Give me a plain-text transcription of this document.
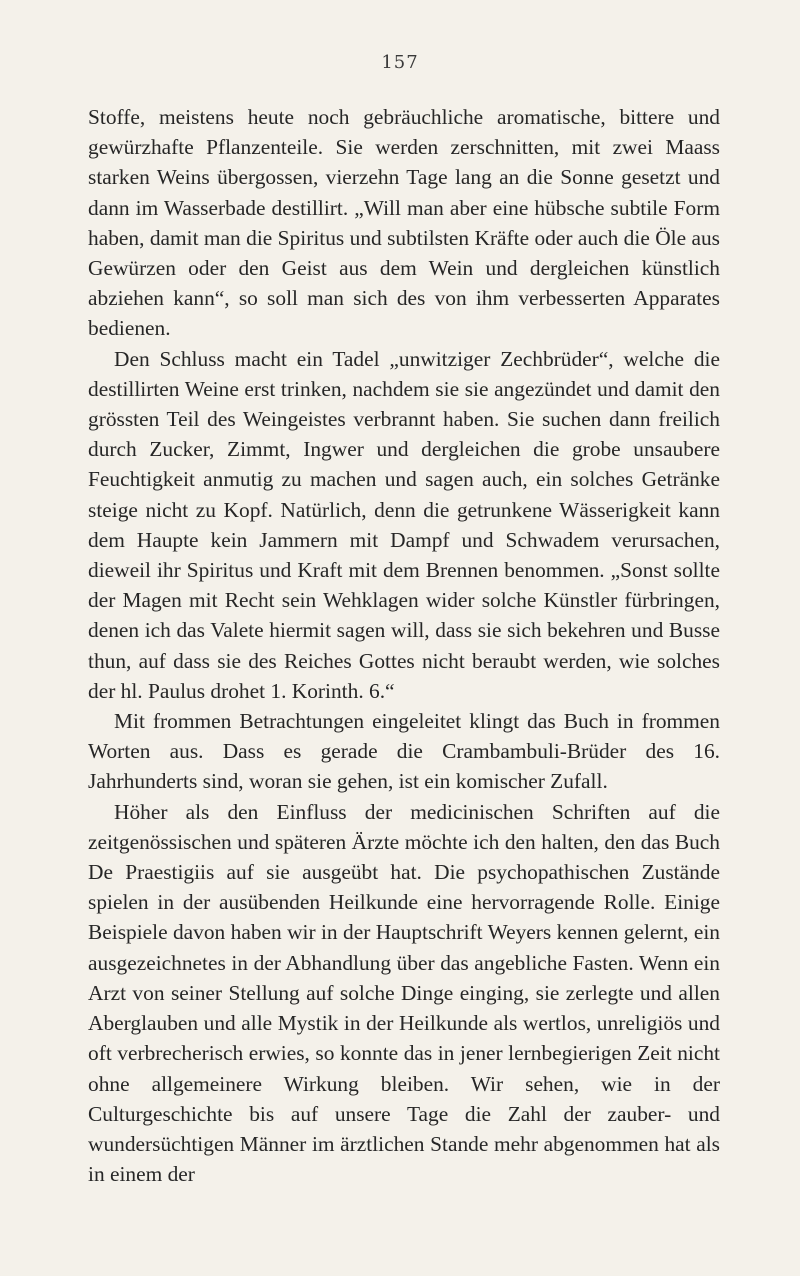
157

Stoffe, meistens heute noch gebräuchliche aromatische, bittere und gewürzhafte Pflanzenteile. Sie werden zerschnitten, mit zwei Maass starken Weins übergossen, vierzehn Tage lang an die Sonne gesetzt und dann im Wasserbade destillirt. „Will man aber eine hübsche subtile Form haben, damit man die Spiritus und subtilsten Kräfte oder auch die Öle aus Gewürzen oder den Geist aus dem Wein und dergleichen künstlich abziehen kann“, so soll man sich des von ihm verbesserten Apparates bedienen.

Den Schluss macht ein Tadel „unwitziger Zechbrüder“, welche die destillirten Weine erst trinken, nachdem sie sie angezündet und damit den grössten Teil des Weingeistes verbrannt haben. Sie suchen dann freilich durch Zucker, Zimmt, Ingwer und dergleichen die grobe unsaubere Feuchtigkeit anmutig zu machen und sagen auch, ein solches Getränke steige nicht zu Kopf. Natürlich, denn die getrunkene Wässerigkeit kann dem Haupte kein Jammern mit Dampf und Schwadem verursachen, dieweil ihr Spiritus und Kraft mit dem Brennen benommen. „Sonst sollte der Magen mit Recht sein Wehklagen wider solche Künstler fürbringen, denen ich das Valete hiermit sagen will, dass sie sich bekehren und Busse thun, auf dass sie des Reiches Gottes nicht beraubt werden, wie solches der hl. Paulus drohet 1. Korinth. 6.“

Mit frommen Betrachtungen eingeleitet klingt das Buch in frommen Worten aus. Dass es gerade die Crambambuli-Brüder des 16. Jahrhunderts sind, woran sie gehen, ist ein komischer Zufall.

Höher als den Einfluss der medicinischen Schriften auf die zeitgenössischen und späteren Ärzte möchte ich den halten, den das Buch De Praestigiis auf sie ausgeübt hat. Die psychopathischen Zustände spielen in der ausübenden Heilkunde eine hervorragende Rolle. Einige Beispiele davon haben wir in der Hauptschrift Weyers kennen gelernt, ein ausgezeichnetes in der Abhandlung über das angebliche Fasten. Wenn ein Arzt von seiner Stellung auf solche Dinge einging, sie zerlegte und allen Aberglauben und alle Mystik in der Heilkunde als wertlos, unreligiös und oft verbrecherisch erwies, so konnte das in jener lernbegierigen Zeit nicht ohne allgemeinere Wirkung bleiben. Wir sehen, wie in der Culturgeschichte bis auf unsere Tage die Zahl der zauber- und wundersüchtigen Männer im ärztlichen Stande mehr abgenommen hat als in einem der
